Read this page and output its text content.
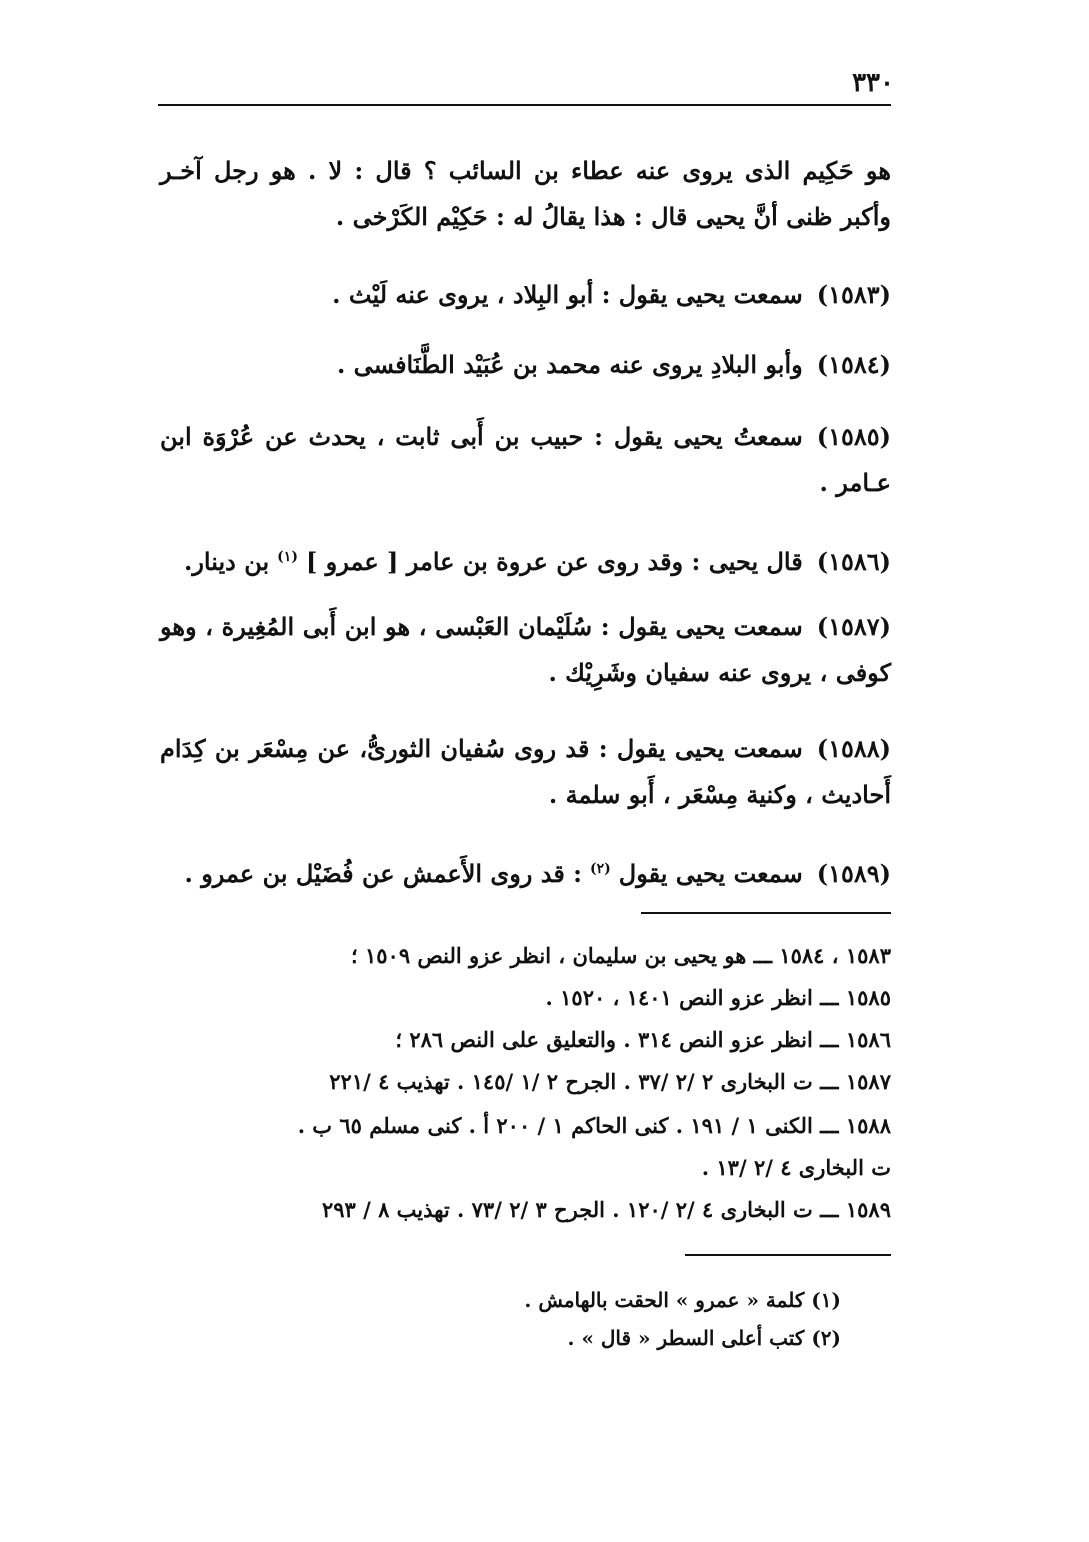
٣٣٠
هو حَكِيم الذى يروى عنه عطاء بن السائب ؟ قال : لا . هو رجل آخـر وأكبر ظنى أنَّ يحيى قال : هذا يقالُ له : حَكِيْم الكَرْخى .
(١٥٨٣)سمعت يحيى يقول : أبو البِلاد ، يروى عنه لَيْث .
(١٥٨٤)وأبو البلادِ يروى عنه محمد بن عُبَيْد الطَّنَافسى .
(١٥٨٥)سمعتُ يحيى يقول : حبيب بن أَبى ثابت ، يحدث عن عُرْوَة ابن عـامر .
(١٥٨٦)قال يحيى : وقد روى عن عروة بن عامر [ عمرو ]$^{(١)}$بن دينار.
(١٥٨٧)سمعت يحيى يقول : سُلَيْمان العَبْسى ، هو ابن أَبى المُغِيرة ، وهو كوفى ، يروى عنه سفيان وشَرِيْك .
(١٥٨٨)سمعت يحيى يقول : قد روى سُفيان الثورىُّ، عن مِسْعَر بن كِدَام أَحاديث ، وكنية مِسْعَر ، أَبو سلمة .
(١٥٨٩)سمعت يحيى يقول$^{(٢)}$: قد روى الأَعمش عن فُضَيْل بن عمرو .
١٥٨٣ ، ١٥٨٤ ـــ هو يحيى بن سليمان ، انظر عزو النص ١٥٠٩ ؛
١٥٨٥ ـــ انظر عزو النص ١٤٠١ ، ١٥٢٠ .
١٥٨٦ ـــ انظر عزو النص ٣١٤ . والتعليق على النص ٢٨٦ ؛
١٥٨٧ ـــ ت البخارى ٢ /٢ /٣٧ . الجرح ٢ /١ /١٤٥ . تهذيب ٤ /٢٢١
١٥٨٨ ـــ الكنى ١ / ١٩١ . كنى الحاكم ١ / ٢٠٠ أ . كنى مسلم ٦٥ ب .
ت البخارى ٤ /٢ /١٣ .
١٥٨٩ ـــ ت البخارى ٤ /٢ /١٢٠ . الجرح ٣ /٢ /٧٣ . تهذيب ٨ / ٢٩٣
(١) كلمة « عمرو » الحقت بالهامش .
(٢) كتب أعلى السطر « قال » .
